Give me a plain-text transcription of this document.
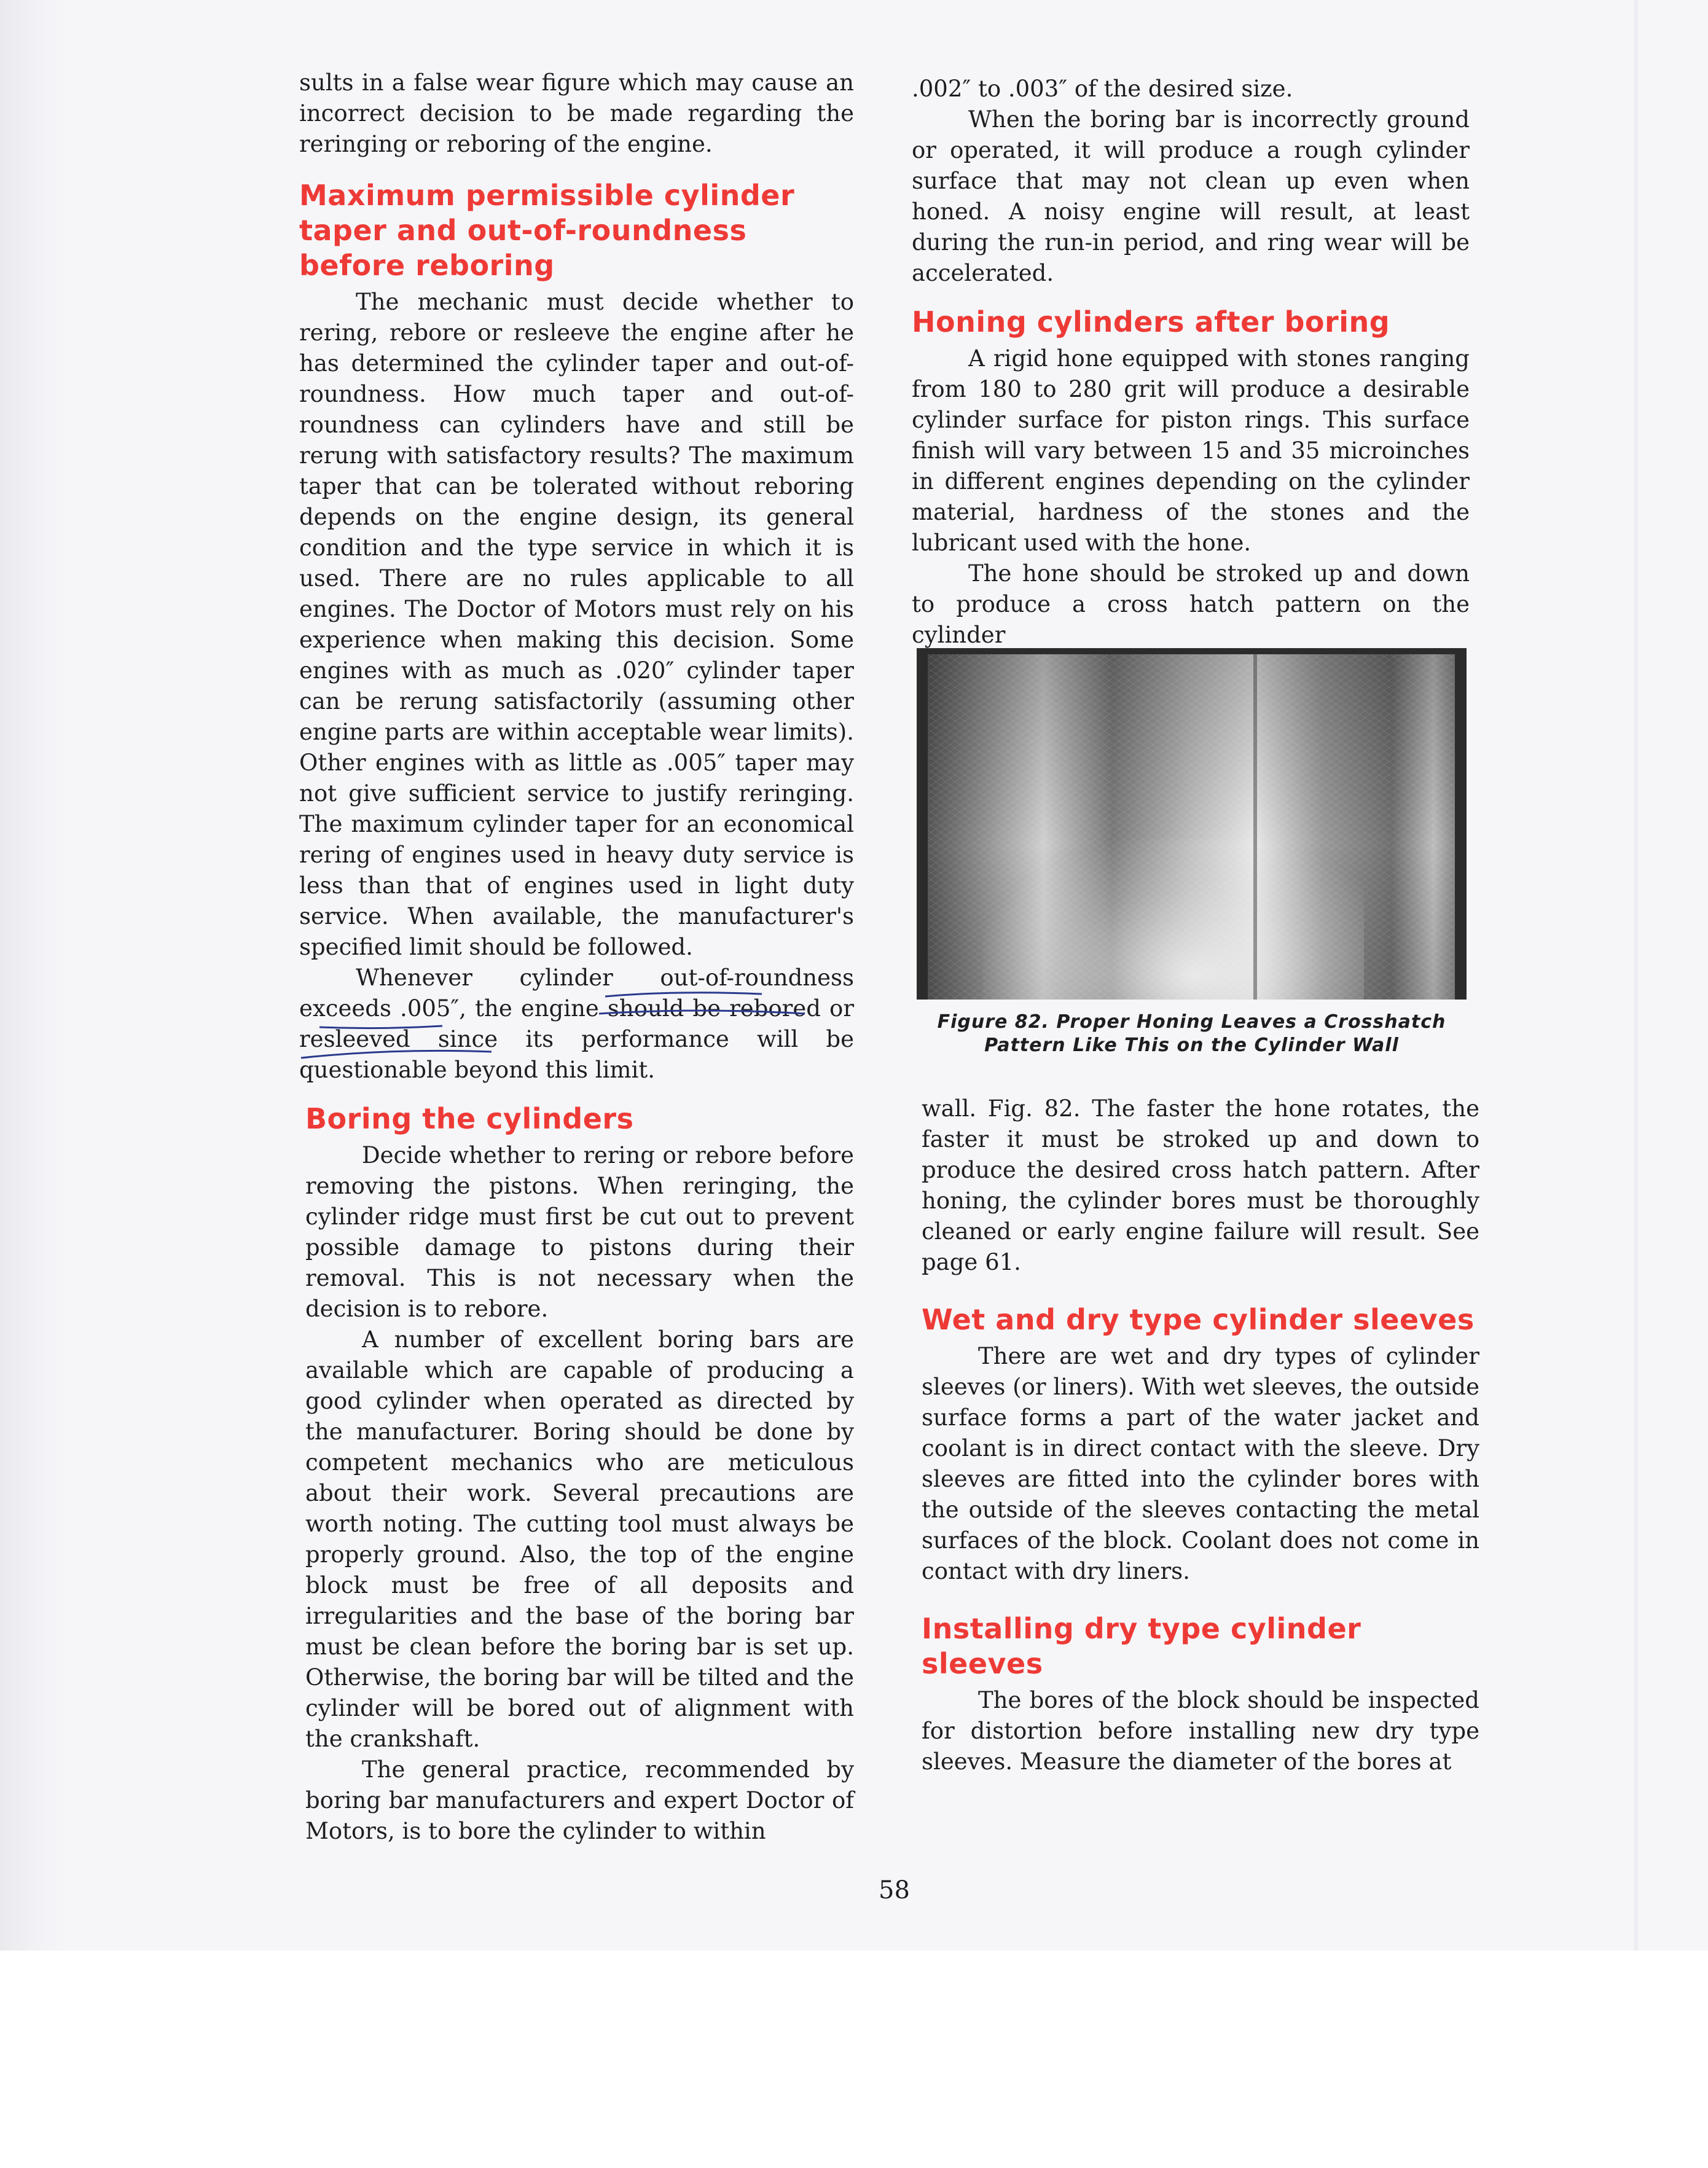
sults in a false wear figure which may cause an incorrect decision to be made regarding the reringing or reboring of the engine.

Maximum permissible cylinder taper and out-of-roundness before reboring

The mechanic must decide whether to rering, rebore or resleeve the engine after he has determined the cylinder taper and out-of-roundness. How much taper and out-of-roundness can cylinders have and still be rerung with satisfactory results? The maximum taper that can be tolerated without reboring depends on the engine design, its general condition and the type service in which it is used. There are no rules applicable to all engines. The Doctor of Motors must rely on his experience when making this decision. Some engines with as much as .020″ cylinder taper can be rerung satisfactorily (assuming other engine parts are within acceptable wear limits). Other engines with as little as .005″ taper may not give sufficient service to justify reringing. The maximum cylinder taper for an economical rering of engines used in heavy duty service is less than that of engines used in light duty service. When available, the manufacturer's specified limit should be followed.

Whenever cylinder out-of-roundness exceeds .005″, the engine should be rebored or resleeved since its performance will be questionable beyond this limit.

Boring the cylinders

Decide whether to rering or rebore before removing the pistons. When reringing, the cylinder ridge must first be cut out to prevent possible damage to pistons during their removal. This is not necessary when the decision is to rebore.

A number of excellent boring bars are available which are capable of producing a good cylinder when operated as directed by the manufacturer. Boring should be done by competent mechanics who are meticulous about their work. Several precautions are worth noting. The cutting tool must always be properly ground. Also, the top of the engine block must be free of all deposits and irregularities and the base of the boring bar must be clean before the boring bar is set up. Otherwise, the boring bar will be tilted and the cylinder will be bored out of alignment with the crankshaft.

The general practice, recommended by boring bar manufacturers and expert Doctor of Motors, is to bore the cylinder to within

.002″ to .003″ of the desired size.

When the boring bar is incorrectly ground or operated, it will produce a rough cylinder surface that may not clean up even when honed. A noisy engine will result, at least during the run-in period, and ring wear will be accelerated.

Honing cylinders after boring

A rigid hone equipped with stones ranging from 180 to 280 grit will produce a desirable cylinder surface for piston rings. This surface finish will vary between 15 and 35 microinches in different engines depending on the cylinder material, hardness of the stones and the lubricant used with the hone.

The hone should be stroked up and down to produce a cross hatch pattern on the cylinder

Figure 82. Proper Honing Leaves a Crosshatch Pattern Like This on the Cylinder Wall

wall. Fig. 82. The faster the hone rotates, the faster it must be stroked up and down to produce the desired cross hatch pattern. After honing, the cylinder bores must be thoroughly cleaned or early engine failure will result. See page 61.

Wet and dry type cylinder sleeves

There are wet and dry types of cylinder sleeves (or liners). With wet sleeves, the outside surface forms a part of the water jacket and coolant is in direct contact with the sleeve. Dry sleeves are fitted into the cylinder bores with the outside of the sleeves contacting the metal surfaces of the block. Coolant does not come in contact with dry liners.

Installing dry type cylinder sleeves

The bores of the block should be inspected for distortion before installing new dry type sleeves. Measure the diameter of the bores at

58
